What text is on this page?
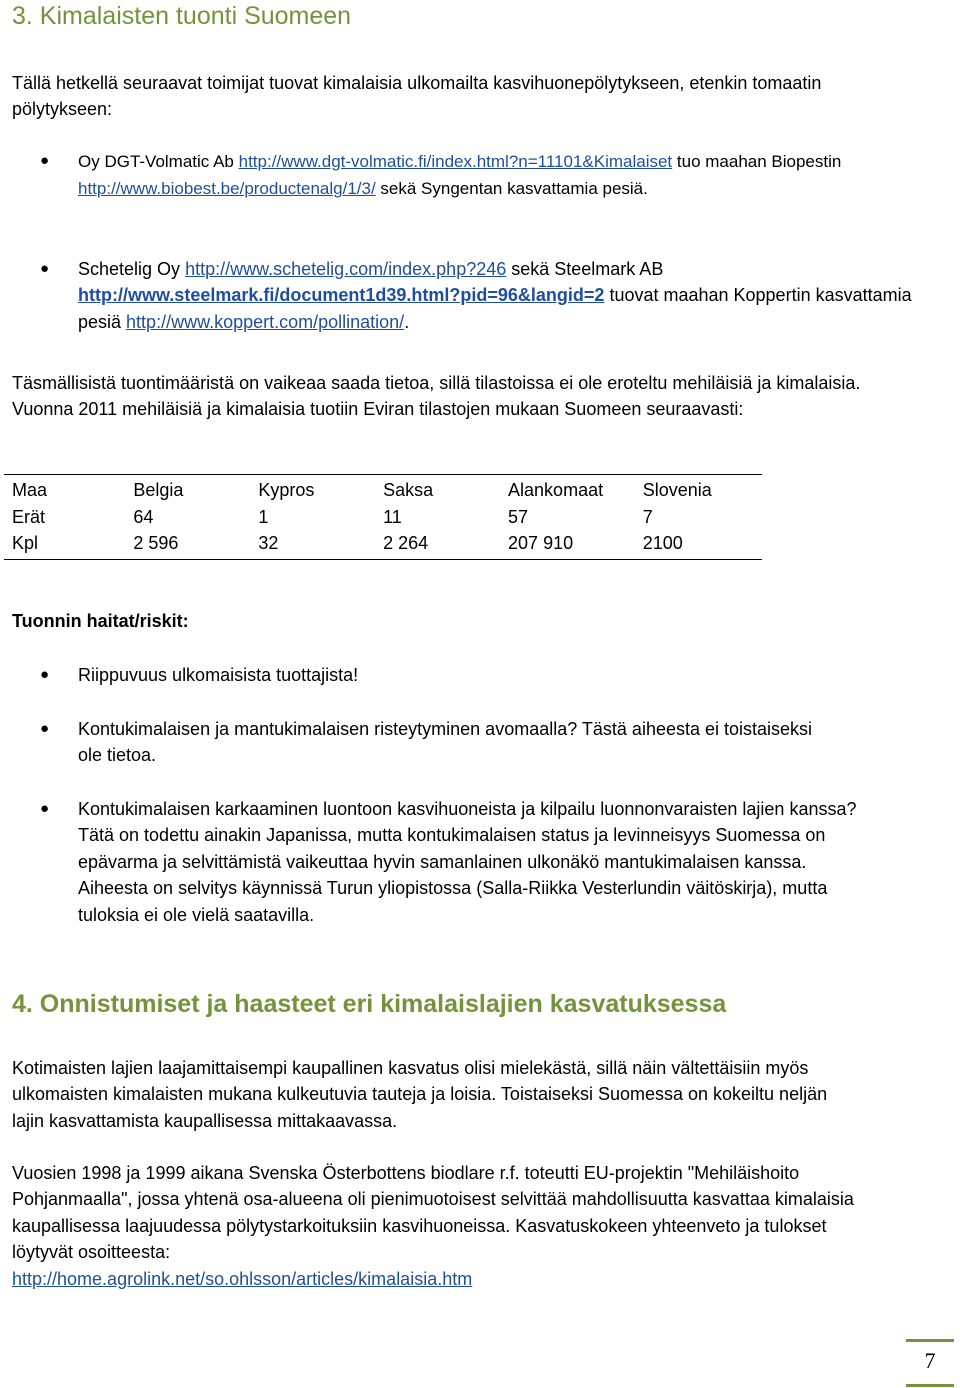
3. Kimalaisten tuonti Suomeen

Tällä hetkellä seuraavat toimijat tuovat kimalaisia ulkomailta kasvihuonepölytykseen, etenkin tomaatin pölytykseen:

● Oy DGT-Volmatic Ab http://www.dgt-volmatic.fi/index.html?n=11101&Kimalaiset tuo maahan Biopestin http://www.biobest.be/productenalg/1/3/ sekä Syngentan kasvattamia pesiä.
● Schetelig Oy http://www.schetelig.com/index.php?246 sekä Steelmark AB http://www.steelmark.fi/document1d39.html?pid=96&langid=2 tuovat maahan Koppertin kasvattamia pesiä http://www.koppert.com/pollination/.

Täsmällisistä tuontimääristä on vaikeaa saada tietoa, sillä tilastoissa ei ole eroteltu mehiläisiä ja kimalaisia. Vuonna 2011 mehiläisiä ja kimalaisia tuotiin Eviran tilastojen mukaan Suomeen seuraavasti:

Maa	Belgia	Kypros	Saksa	Alankomaat	Slovenia
Erät	64	1	11	57	7
Kpl	2 596	32	2 264	207 910	2100

Tuonnin haitat/riskit:

● Riippuvuus ulkomaisista tuottajista!
● Kontukimalaisen ja mantukimalaisen risteytyminen avomaalla? Tästä aiheesta ei toistaiseksi ole tietoa.
● Kontukimalaisen karkaaminen luontoon kasvihuoneista ja kilpailu luonnonvaraisten lajien kanssa? Tätä on todettu ainakin Japanissa, mutta kontukimalaisen status ja levinneisyys Suomessa on epävarma ja selvittämistä vaikeuttaa hyvin samanlainen ulkonäkö mantukimalaisen kanssa. Aiheesta on selvitys käynnissä Turun yliopistossa (Salla-Riikka Vesterlundin väitöskirja), mutta tuloksia ei ole vielä saatavilla.
4. Onnistumiset ja haasteet eri kimalaislajien kasvatuksessa

Kotimaisten lajien laajamittaisempi kaupallinen kasvatus olisi mielekästä, sillä näin vältettäisiin myös ulkomaisten kimalaisten mukana kulkeutuvia tauteja ja loisia. Toistaiseksi Suomessa on kokeiltu neljän lajin kasvattamista kaupallisessa mittakaavassa.

Vuosien 1998 ja 1999 aikana Svenska Österbottens biodlare r.f. toteutti EU-projektin "Mehiläishoito Pohjanmaalla", jossa yhtenä osa-alueena oli pienimuotoisest selvittää mahdollisuutta kasvattaa kimalaisia kaupallisessa laajuudessa pölytystarkoituksiin kasvihuoneissa. Kasvatuskokeen yhteenveto ja tulokset löytyvät osoitteesta:

http://home.agrolink.net/so.ohlsson/articles/kimalaisia.htm
7
